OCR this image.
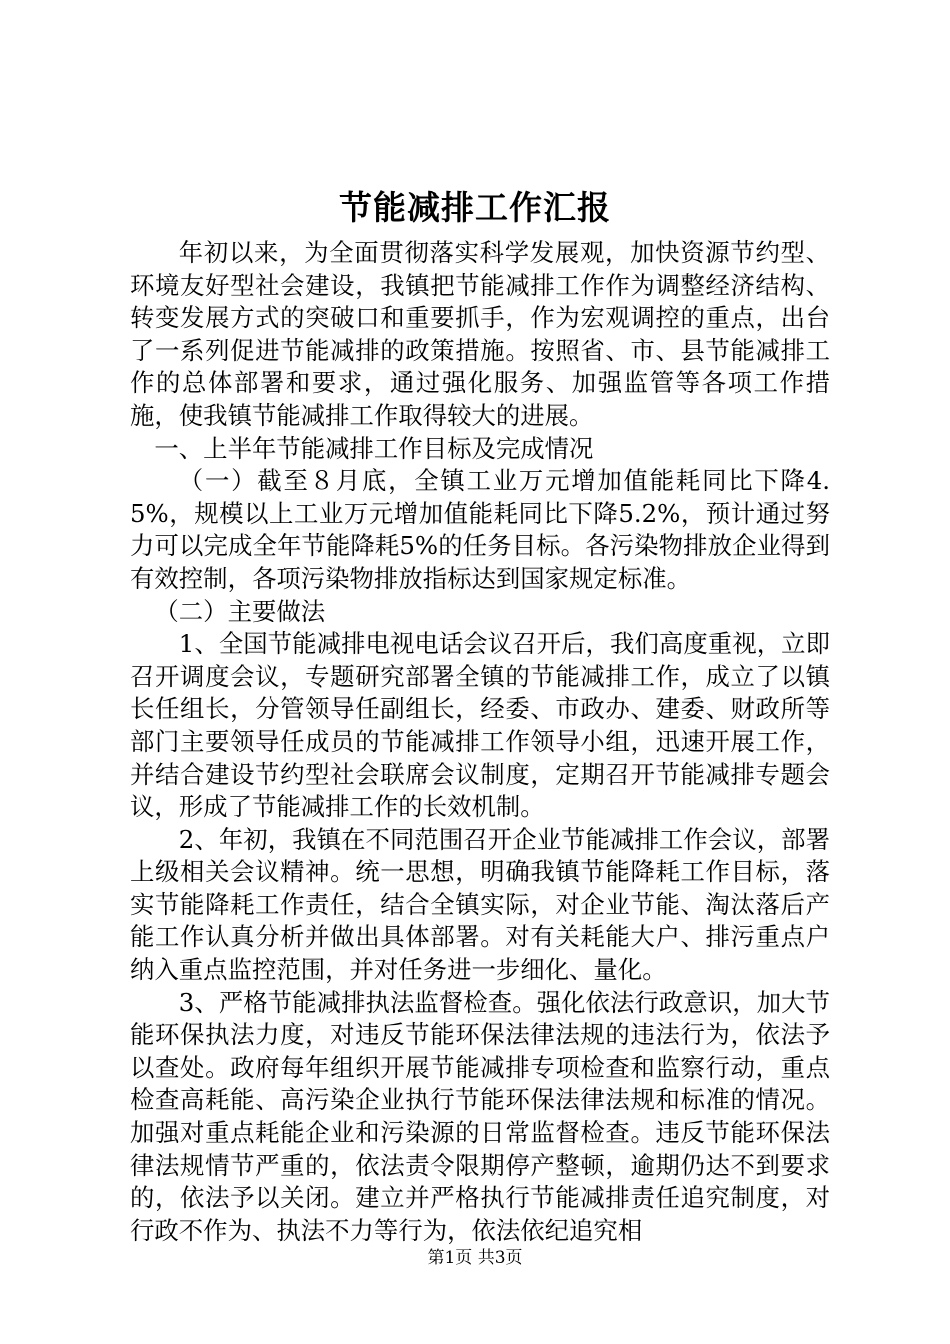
节能减排工作汇报

年初以来，为全面贯彻落实科学发展观，加快资源节约型、环境友好型社会建设，我镇把节能减排工作作为调整经济结构、转变发展方式的突破口和重要抓手，作为宏观调控的重点，出台了一系列促进节能减排的政策措施。按照省、市、县节能减排工作的总体部署和要求，通过强化服务、加强监管等各项工作措施，使我镇节能减排工作取得较大的进展。

一、上半年节能减排工作目标及完成情况

（一）截至８月底，全镇工业万元增加值能耗同比下降4.5%，规模以上工业万元增加值能耗同比下降5.2%，预计通过努力可以完成全年节能降耗5%的任务目标。各污染物排放企业得到有效控制，各项污染物排放指标达到国家规定标准。

（二）主要做法

1、全国节能减排电视电话会议召开后，我们高度重视，立即召开调度会议，专题研究部署全镇的节能减排工作，成立了以镇长任组长，分管领导任副组长，经委、市政办、建委、财政所等部门主要领导任成员的节能减排工作领导小组，迅速开展工作，并结合建设节约型社会联席会议制度，定期召开节能减排专题会议，形成了节能减排工作的长效机制。

2、年初，我镇在不同范围召开企业节能减排工作会议，部署上级相关会议精神。统一思想，明确我镇节能降耗工作目标，落实节能降耗工作责任，结合全镇实际，对企业节能、淘汰落后产能工作认真分析并做出具体部署。对有关耗能大户、排污重点户纳入重点监控范围，并对任务进一步细化、量化。

3、严格节能减排执法监督检查。强化依法行政意识，加大节能环保执法力度，对违反节能环保法律法规的违法行为，依法予以查处。政府每年组织开展节能减排专项检查和监察行动，重点检查高耗能、高污染企业执行节能环保法律法规和标准的情况。加强对重点耗能企业和污染源的日常监督检查。违反节能环保法律法规情节严重的，依法责令限期停产整顿，逾期仍达不到要求的，依法予以关闭。建立并严格执行节能减排责任追究制度，对行政不作为、执法不力等行为，依法依纪追究相

第1页 共3页
